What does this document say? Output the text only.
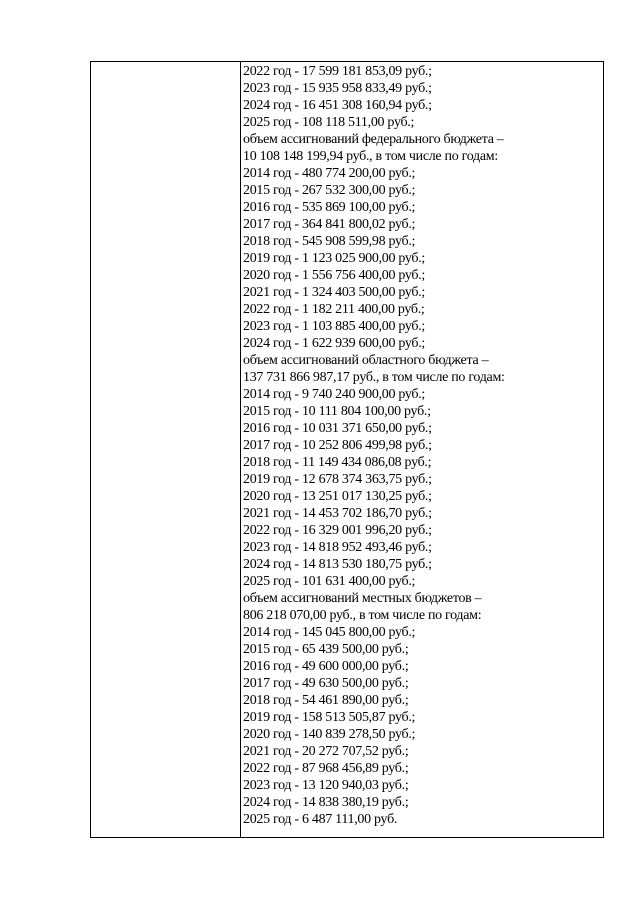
2022 год - 17 599 181 853,09 руб.;
2023 год - 15 935 958 833,49 руб.;
2024 год - 16 451 308 160,94 руб.;
2025 год - 108 118 511,00 руб.;
объем ассигнований федерального бюджета –
10 108 148 199,94 руб., в том числе по годам:
2014 год - 480 774 200,00 руб.;
2015 год - 267 532 300,00 руб.;
2016 год - 535 869 100,00 руб.;
2017 год - 364 841 800,02 руб.;
2018 год - 545 908 599,98 руб.;
2019 год - 1 123 025 900,00 руб.;
2020 год - 1 556 756 400,00 руб.;
2021 год - 1 324 403 500,00 руб.;
2022 год - 1 182 211 400,00 руб.;
2023 год - 1 103 885 400,00 руб.;
2024 год - 1 622 939 600,00 руб.;
объем ассигнований областного бюджета –
137 731 866 987,17 руб., в том числе по годам:
2014 год - 9 740 240 900,00 руб.;
2015 год - 10 111 804 100,00 руб.;
2016 год - 10 031 371 650,00 руб.;
2017 год - 10 252 806 499,98 руб.;
2018 год - 11 149 434 086,08 руб.;
2019 год - 12 678 374 363,75 руб.;
2020 год - 13 251 017 130,25 руб.;
2021 год - 14 453 702 186,70 руб.;
2022 год - 16 329 001 996,20 руб.;
2023 год - 14 818 952 493,46 руб.;
2024 год - 14 813 530 180,75 руб.;
2025 год - 101 631 400,00 руб.;
объем ассигнований местных бюджетов –
806 218 070,00 руб., в том числе по годам:
2014 год - 145 045 800,00 руб.;
2015 год - 65 439 500,00 руб.;
2016 год - 49 600 000,00 руб.;
2017 год - 49 630 500,00 руб.;
2018 год - 54 461 890,00 руб.;
2019 год - 158 513 505,87 руб.;
2020 год - 140 839 278,50 руб.;
2021 год - 20 272 707,52 руб.;
2022 год - 87 968 456,89 руб.;
2023 год - 13 120 940,03 руб.;
2024 год - 14 838 380,19 руб.;
2025 год - 6 487 111,00 руб.
